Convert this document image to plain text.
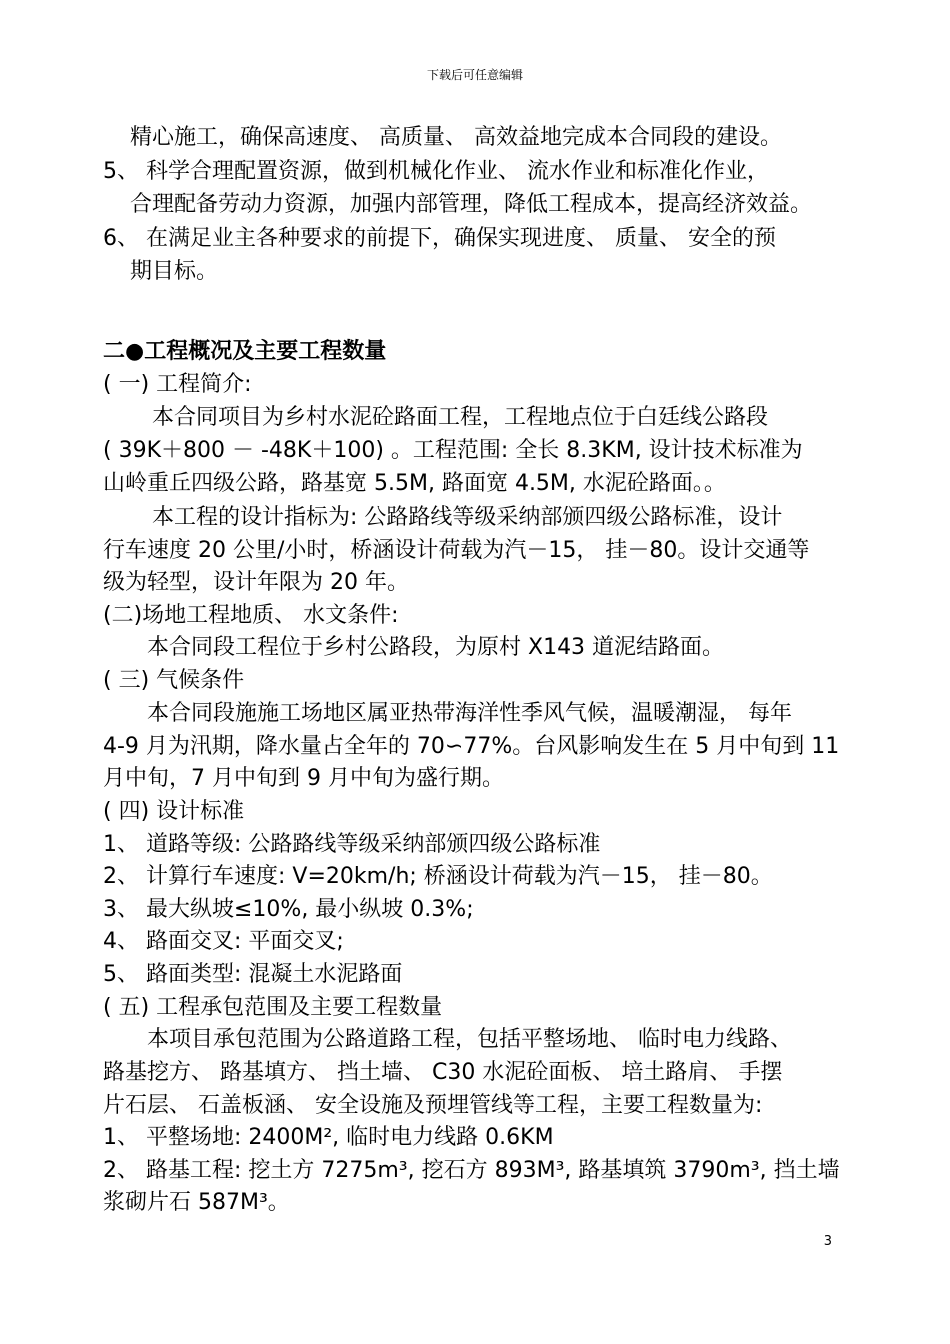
下载后可任意编辑
精心施工，确保高速度、 高质量、 高效益地完成本合同段的建设。
5、 科学合理配置资源，做到机械化作业、 流水作业和标准化作业，
合理配备劳动力资源，加强内部管理，降低工程成本，提高经济效益。
6、 在满足业主各种要求的前提下，确保实现进度、 质量、 安全的预
期目标。
二●工程概况及主要工程数量
( 一) 工程简介:
本合同项目为乡村水泥砼路面工程，工程地点位于白廷线公路段
( 39K＋800 － -48K＋100) 。工程范围: 全长 8.3KM, 设计技术标准为
山岭重丘四级公路，路基宽 5.5M, 路面宽 4.5M, 水泥砼路面。。
本工程的设计指标为: 公路路线等级采纳部颁四级公路标准，设计
行车速度 20 公里/小时，桥涵设计荷载为汽－15， 挂－80。设计交通等
级为轻型，设计年限为 20 年。
(二)场地工程地质、 水文条件:
本合同段工程位于乡村公路段，为原村 X143 道泥结路面。
( 三) 气候条件
本合同段施施工场地区属亚热带海洋性季风气候，温暖潮湿， 每年
4-9 月为汛期，降水量占全年的 70∽77%。台风影响发生在 5 月中旬到 11
月中旬，7 月中旬到 9 月中旬为盛行期。
( 四) 设计标准
1、 道路等级: 公路路线等级采纳部颁四级公路标准
2、 计算行车速度: V=20km/h; 桥涵设计荷载为汽－15， 挂－80。
3、 最大纵坡≤10%, 最小纵坡 0.3%;
4、 路面交叉: 平面交叉;
5、 路面类型: 混凝土水泥路面
( 五) 工程承包范围及主要工程数量
本项目承包范围为公路道路工程，包括平整场地、 临时电力线路、
路基挖方、 路基填方、 挡土墙、 C30 水泥砼面板、 培土路肩、 手摆
片石层、 石盖板涵、 安全设施及预埋管线等工程，主要工程数量为:
1、 平整场地: 2400M², 临时电力线路 0.6KM
2、 路基工程: 挖土方 7275m³, 挖石方 893M³, 路基填筑 3790m³, 挡土墙
浆砌片石 587M³。
3
